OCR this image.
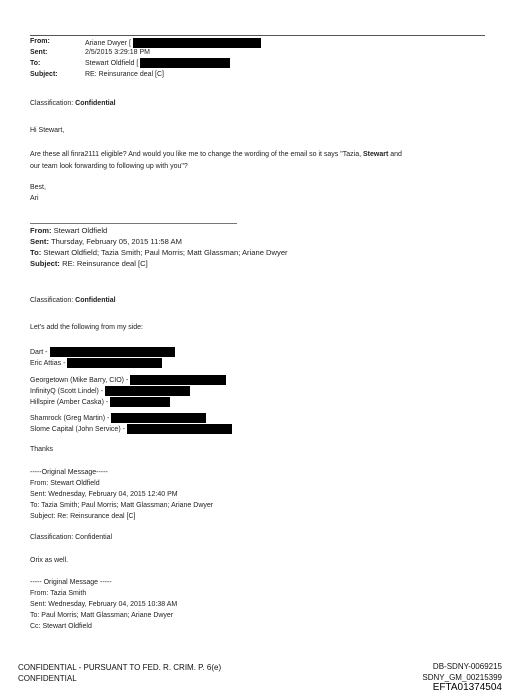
From:	Ariane Dwyer [
Sent:	2/5/2015 3:29:18 PM
To:	Stewart Oldfield [
Subject:	RE: Reinsurance deal [C]
Classification: Confidential
Hi Stewart,
Are these all finra2111 eligible? And would you like me to change the wording of the email so it says "Tazia, Stewart and
our team look forwarding to following up with you"?
Best,
Ari
From: Stewart Oldfield
Sent: Thursday, February 05, 2015 11:58 AM
To: Stewart Oldfield; Tazia Smith; Paul Morris; Matt Glassman; Ariane Dwyer
Subject: RE: Reinsurance deal [C]
Classification: Confidential
Let's add the following from my side:
Dart -
Eric Attias -
Georgetown (Mike Barry, CIO) -
InfinityQ (Scott Lindel) -
Hillspire (Amber Caska) -
Shamrock (Greg Martin) -
Slome Capital (John Service) -
Thanks
-----Original Message-----
From: Stewart Oldfield
Sent: Wednesday, February 04, 2015 12:40 PM
To: Tazia Smith; Paul Morris; Matt Glassman; Ariane Dwyer
Subject: Re: Reinsurance deal [C]
Classification: Confidential
Orix as well.
----- Original Message -----
From: Tazia Smith
Sent: Wednesday, February 04, 2015 10:38 AM
To: Paul Morris; Matt Glassman; Ariane Dwyer
Cc: Stewart Oldfield
CONFIDENTIAL - PURSUANT TO FED. R. CRIM. P. 6(e)
CONFIDENTIAL
DB-SDNY-0069215
SDNY_GM_00215399
EFTA01374504
